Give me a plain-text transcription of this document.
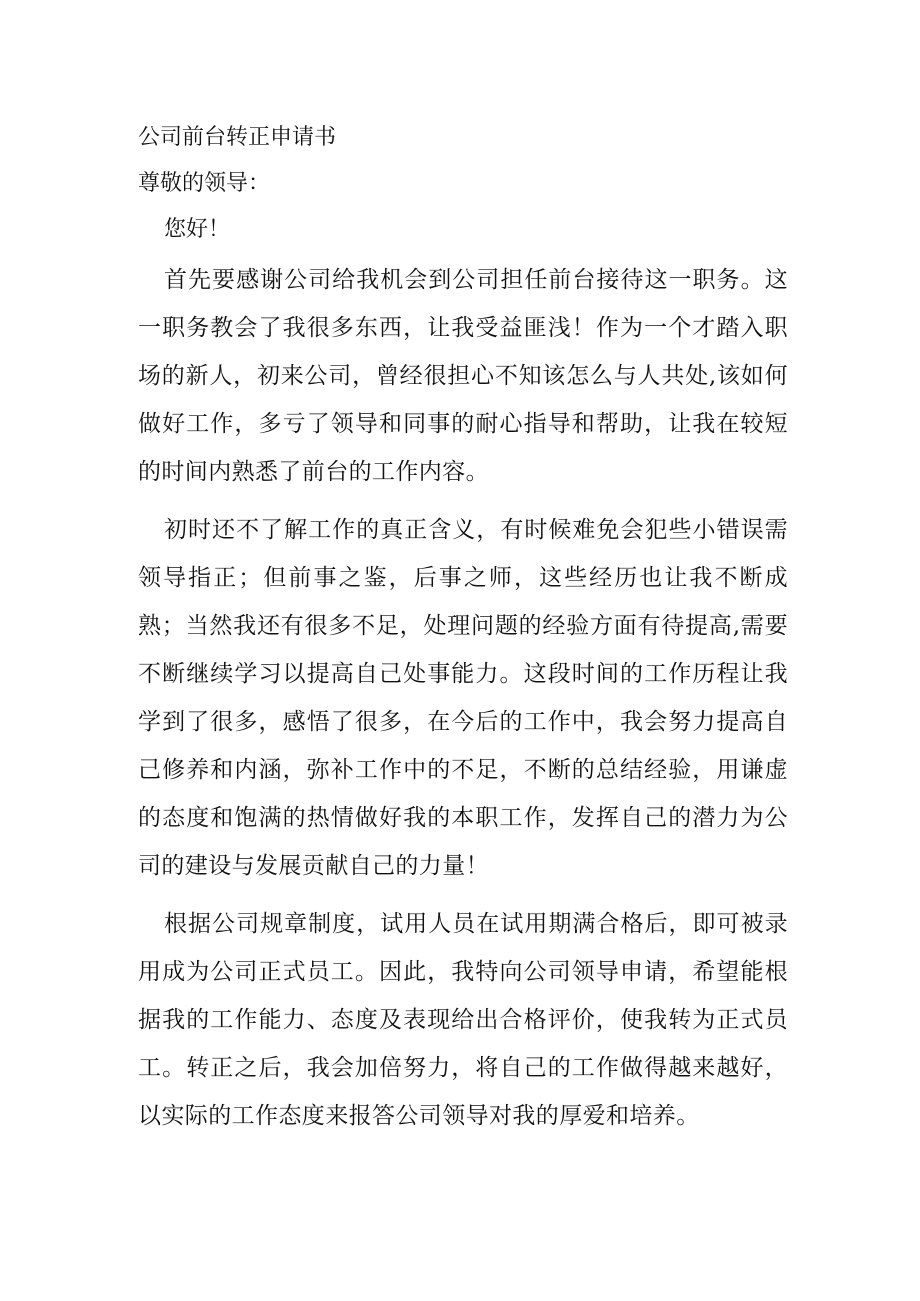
公司前台转正申请书
尊敬的领导：
您好！

首先要感谢公司给我机会到公司担任前台接待这一职务。这一职务教会了我很多东西，让我受益匪浅！作为一个才踏入职场的新人，初来公司，曾经很担心不知该怎么与人共处,该如何做好工作，多亏了领导和同事的耐心指导和帮助，让我在较短的时间内熟悉了前台的工作内容。

初时还不了解工作的真正含义，有时候难免会犯些小错误需领导指正；但前事之鉴，后事之师，这些经历也让我不断成熟；当然我还有很多不足，处理问题的经验方面有待提高,需要不断继续学习以提高自己处事能力。这段时间的工作历程让我学到了很多，感悟了很多，在今后的工作中，我会努力提高自己修养和内涵，弥补工作中的不足，不断的总结经验，用谦虚的态度和饱满的热情做好我的本职工作，发挥自己的潜力为公司的建设与发展贡献自己的力量！

根据公司规章制度，试用人员在试用期满合格后，即可被录用成为公司正式员工。因此，我特向公司领导申请，希望能根据我的工作能力、态度及表现给出合格评价，使我转为正式员工。转正之后，我会加倍努力，将自己的工作做得越来越好，以实际的工作态度来报答公司领导对我的厚爱和培养。
